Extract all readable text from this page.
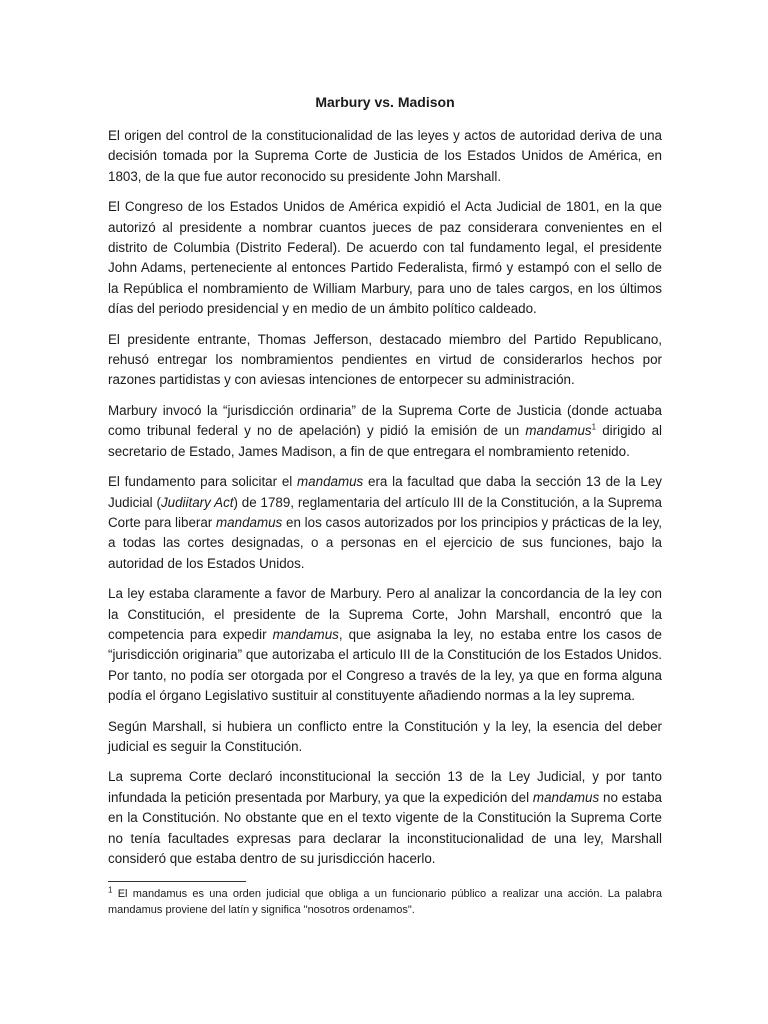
Marbury vs. Madison

El origen del control de la constitucionalidad de las leyes y actos de autoridad deriva de una decisión tomada por la Suprema Corte de Justicia de los Estados Unidos de América, en 1803, de la que fue autor reconocido su presidente John Marshall.

El Congreso de los Estados Unidos de América expidió el Acta Judicial de 1801, en la que autorizó al presidente a nombrar cuantos jueces de paz considerara convenientes en el distrito de Columbia (Distrito Federal). De acuerdo con tal fundamento legal, el presidente John Adams, perteneciente al entonces Partido Federalista, firmó y estampó con el sello de la República el nombramiento de William Marbury, para uno de tales cargos, en los últimos días del periodo presidencial y en medio de un ámbito político caldeado.

El presidente entrante, Thomas Jefferson, destacado miembro del Partido Republicano, rehusó entregar los nombramientos pendientes en virtud de considerarlos hechos por razones partidistas y con aviesas intenciones de entorpecer su administración.

Marbury invocó la “jurisdicción ordinaria” de la Suprema Corte de Justicia (donde actuaba como tribunal federal y no de apelación) y pidió la emisión de un mandamus$^1$ dirigido al secretario de Estado, James Madison, a fin de que entregara el nombramiento retenido.

El fundamento para solicitar el mandamus era la facultad que daba la sección 13 de la Ley Judicial (Judiitary Act) de 1789, reglamentaria del artículo III de la Constitución, a la Suprema Corte para liberar mandamus en los casos autorizados por los principios y prácticas de la ley, a todas las cortes designadas, o a personas en el ejercicio de sus funciones, bajo la autoridad de los Estados Unidos.

La ley estaba claramente a favor de Marbury. Pero al analizar la concordancia de la ley con la Constitución, el presidente de la Suprema Corte, John Marshall, encontró que la competencia para expedir mandamus, que asignaba la ley, no estaba entre los casos de “jurisdicción originaria” que autorizaba el articulo III de la Constitución de los Estados Unidos. Por tanto, no podía ser otorgada por el Congreso a través de la ley, ya que en forma alguna podía el órgano Legislativo sustituir al constituyente añadiendo normas a la ley suprema.

Según Marshall, si hubiera un conflicto entre la Constitución y la ley, la esencia del deber judicial es seguir la Constitución.

La suprema Corte declaró inconstitucional la sección 13 de la Ley Judicial, y por tanto infundada la petición presentada por Marbury, ya que la expedición del mandamus no estaba en la Constitución. No obstante que en el texto vigente de la Constitución la Suprema Corte no tenía facultades expresas para declarar la inconstitucionalidad de una ley, Marshall consideró que estaba dentro de su jurisdicción hacerlo.

$^1$ El mandamus es una orden judicial que obliga a un funcionario público a realizar una acción. La palabra mandamus proviene del latín y significa "nosotros ordenamos".
